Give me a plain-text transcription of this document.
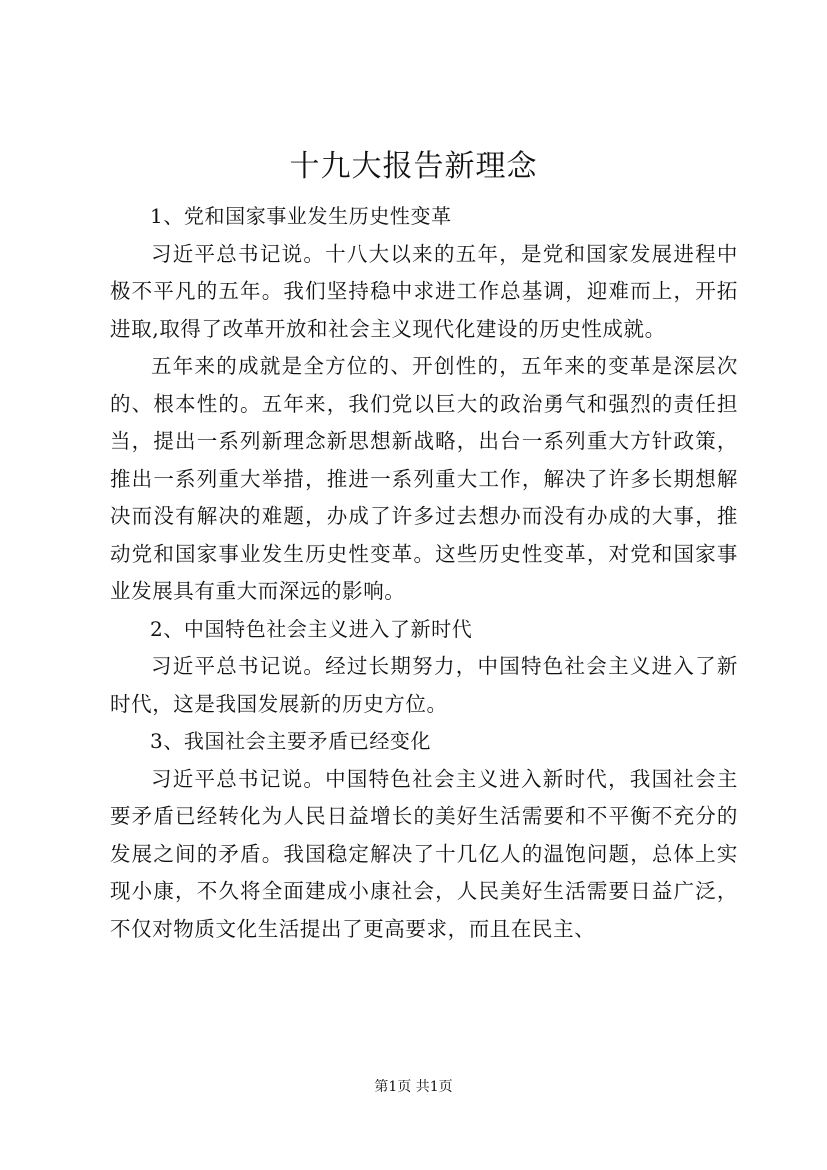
十九大报告新理念

1、党和国家事业发生历史性变革

习近平总书记说。十八大以来的五年，是党和国家发展进程中极不平凡的五年。我们坚持稳中求进工作总基调，迎难而上，开拓进取,取得了改革开放和社会主义现代化建设的历史性成就。

五年来的成就是全方位的、开创性的，五年来的变革是深层次的、根本性的。五年来，我们党以巨大的政治勇气和强烈的责任担当，提出一系列新理念新思想新战略，出台一系列重大方针政策，推出一系列重大举措，推进一系列重大工作，解决了许多长期想解决而没有解决的难题，办成了许多过去想办而没有办成的大事，推动党和国家事业发生历史性变革。这些历史性变革，对党和国家事业发展具有重大而深远的影响。

2、中国特色社会主义进入了新时代

习近平总书记说。经过长期努力，中国特色社会主义进入了新时代，这是我国发展新的历史方位。

3、我国社会主要矛盾已经变化

习近平总书记说。中国特色社会主义进入新时代，我国社会主要矛盾已经转化为人民日益增长的美好生活需要和不平衡不充分的发展之间的矛盾。我国稳定解决了十几亿人的温饱问题，总体上实现小康，不久将全面建成小康社会，人民美好生活需要日益广泛，不仅对物质文化生活提出了更高要求，而且在民主、

第1页 共1页
